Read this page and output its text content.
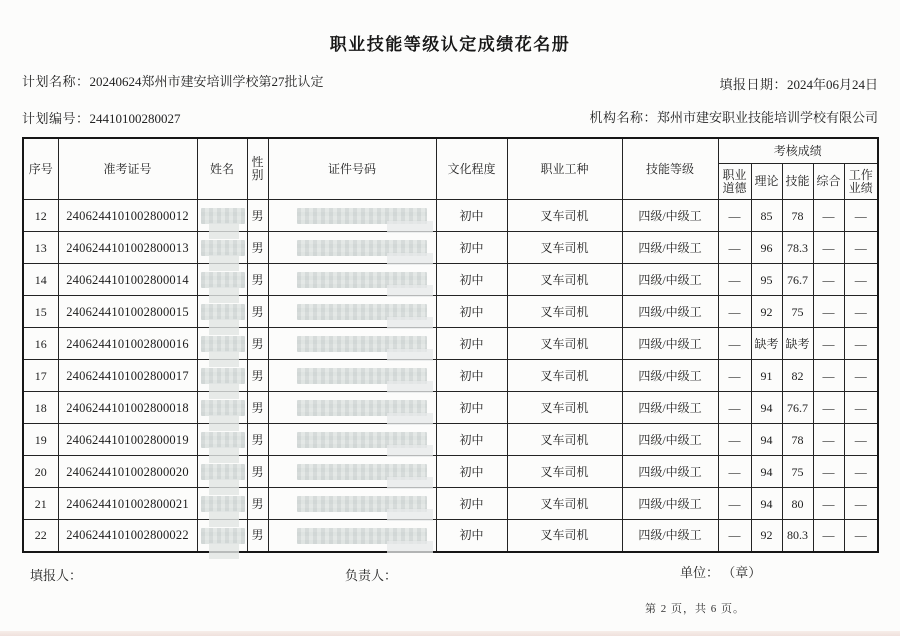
职业技能等级认定成绩花名册
计划名称：20240624郑州市建安培训学校第27批认定	填报日期：2024年06月24日
计划编号：24410100280027	机构名称：郑州市建安职业技能培训学校有限公司
序号	准考证号	姓名	性别	证件号码	文化程度	职业工种	技能等级	考核成绩				
								职业道德	理论	技能	综合	工作业绩
12	2406244101002800012		男		初中	叉车司机	四级/中级工	—	85	78	—	—
13	2406244101002800013		男		初中	叉车司机	四级/中级工	—	96	78.3	—	—
14	2406244101002800014		男		初中	叉车司机	四级/中级工	—	95	76.7	—	—
15	2406244101002800015		男		初中	叉车司机	四级/中级工	—	92	75	—	—
16	2406244101002800016		男		初中	叉车司机	四级/中级工	—	缺考	缺考	—	—
17	2406244101002800017		男		初中	叉车司机	四级/中级工	—	91	82	—	—
18	2406244101002800018		男		初中	叉车司机	四级/中级工	—	94	76.7	—	—
19	2406244101002800019		男		初中	叉车司机	四级/中级工	—	94	78	—	—
20	2406244101002800020		男		初中	叉车司机	四级/中级工	—	94	75	—	—
21	2406244101002800021		男		初中	叉车司机	四级/中级工	—	94	80	—	—
22	2406244101002800022		男		初中	叉车司机	四级/中级工	—	92	80.3	—	—
填报人：	负责人：	单位： （章）
第 2 页，共 6 页。
